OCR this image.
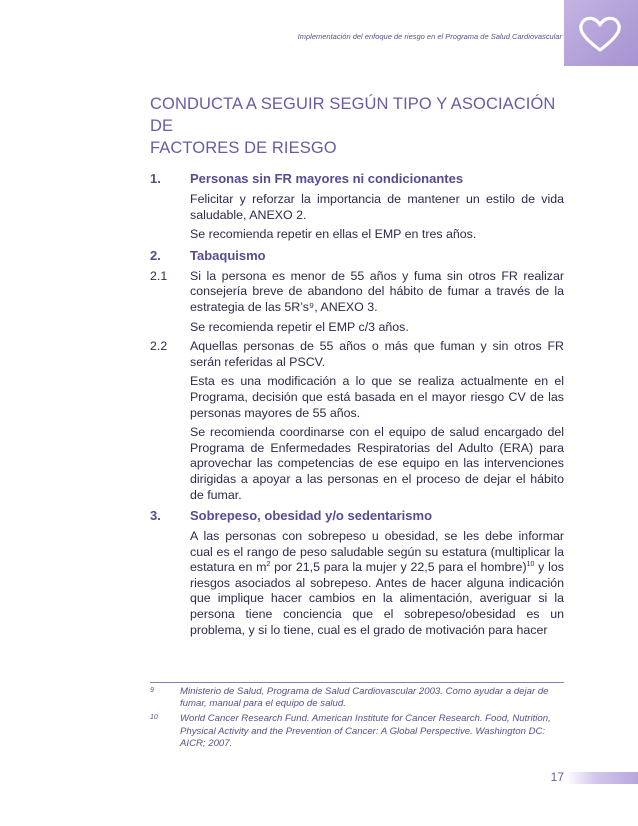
Implementación del enfoque de riesgo en el Programa de Salud Cardiovascular
CONDUCTA A SEGUIR SEGÚN TIPO Y ASOCIACIÓN DE
FACTORES DE RIESGO
1.	Personas sin FR mayores ni condicionantes
Felicitar y reforzar la importancia de mantener un estilo de vida saludable, ANEXO 2.
Se recomienda repetir en ellas el EMP en tres años.
2.	Tabaquismo
2.1	Si la persona es menor de 55 años y fuma sin otros FR realizar consejería breve de abandono del hábito de fumar a través de la estrategia de las 5R’s⁹, ANEXO 3.
Se recomienda repetir el EMP c/3 años.
2.2	Aquellas personas de 55 años o más que fuman y sin otros FR serán referidas al PSCV.
Esta es una modificación a lo que se realiza actualmente en el Programa, decisión que está basada en el mayor riesgo CV de las personas mayores de 55 años.
Se recomienda coordinarse con el equipo de salud encargado del Programa de Enfermedades Respiratorias del Adulto (ERA) para aprovechar las competencias de ese equipo en las intervenciones dirigidas a apoyar a las personas en el proceso de dejar el hábito de fumar.
3.	Sobrepeso, obesidad y/o sedentarismo
A las personas con sobrepeso u obesidad, se les debe informar cual es el rango de peso saludable según su estatura (multiplicar la estatura en $m^2$ por 21,5 para la mujer y 22,5 para el hombre)$^{10}$ y los riesgos asociados al sobrepeso. Antes de hacer alguna indicación que implique hacer cambios en la alimentación, averiguar si la persona tiene conciencia que el sobrepeso/obesidad es un problema, y si lo tiene, cual es el grado de motivación para hacer
9	Ministerio de Salud, Programa de Salud Cardiovascular 2003. Como ayudar a dejar de fumar, manual para el equipo de salud.
10	World Cancer Research Fund. American Institute for Cancer Research. Food, Nutrition, Physical Activity and the Prevention of Cancer: A Global Perspective. Washington DC: AICR; 2007.
17
